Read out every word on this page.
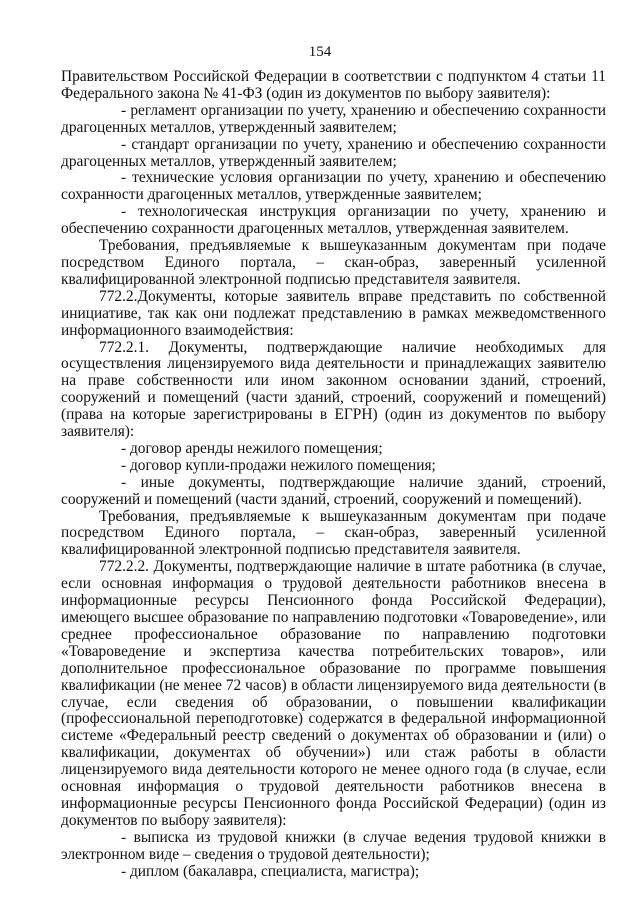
154

Правительством Российской Федерации в соответствии с подпунктом 4 статьи 11 Федерального закона № 41-ФЗ (один из документов по выбору заявителя):

- регламент организации по учету, хранению и обеспечению сохранности драгоценных металлов, утвержденный заявителем;

- стандарт организации по учету, хранению и обеспечению сохранности драгоценных металлов, утвержденный заявителем;

- технические условия организации по учету, хранению и обеспечению сохранности драгоценных металлов, утвержденные заявителем;

- технологическая инструкция организации по учету, хранению и обеспечению сохранности драгоценных металлов, утвержденная заявителем.

Требования, предъявляемые к вышеуказанным документам при подаче посредством Единого портала, – скан-образ, заверенный усиленной квалифицированной электронной подписью представителя заявителя.

772.2.Документы, которые заявитель вправе представить по собственной инициативе, так как они подлежат представлению в рамках межведомственного информационного взаимодействия:

772.2.1. Документы, подтверждающие наличие необходимых для осуществления лицензируемого вида деятельности и принадлежащих заявителю на праве собственности или ином законном основании зданий, строений, сооружений и помещений (части зданий, строений, сооружений и помещений) (права на которые зарегистрированы в ЕГРН) (один из документов по выбору заявителя):

- договор аренды нежилого помещения;

- договор купли-продажи нежилого помещения;

- иные документы, подтверждающие наличие зданий, строений, сооружений и помещений (части зданий, строений, сооружений и помещений).

Требования, предъявляемые к вышеуказанным документам при подаче посредством Единого портала, – скан-образ, заверенный усиленной квалифицированной электронной подписью представителя заявителя.

772.2.2. Документы, подтверждающие наличие в штате работника (в случае, если основная информация о трудовой деятельности работников внесена в информационные ресурсы Пенсионного фонда Российской Федерации), имеющего высшее образование по направлению подготовки «Товароведение», или среднее профессиональное образование по направлению подготовки «Товароведение и экспертиза качества потребительских товаров», или дополнительное профессиональное образование по программе повышения квалификации (не менее 72 часов) в области лицензируемого вида деятельности (в случае, если сведения об образовании, о повышении квалификации (профессиональной переподготовке) содержатся в федеральной информационной системе «Федеральный реестр сведений о документах об образовании и (или) о квалификации, документах об обучении») или стаж работы в области лицензируемого вида деятельности которого не менее одного года (в случае, если основная информация о трудовой деятельности работников внесена в информационные ресурсы Пенсионного фонда Российской Федерации) (один из документов по выбору заявителя):

- выписка из трудовой книжки (в случае ведения трудовой книжки в электронном виде – сведения о трудовой деятельности);

- диплом (бакалавра, специалиста, магистра);
